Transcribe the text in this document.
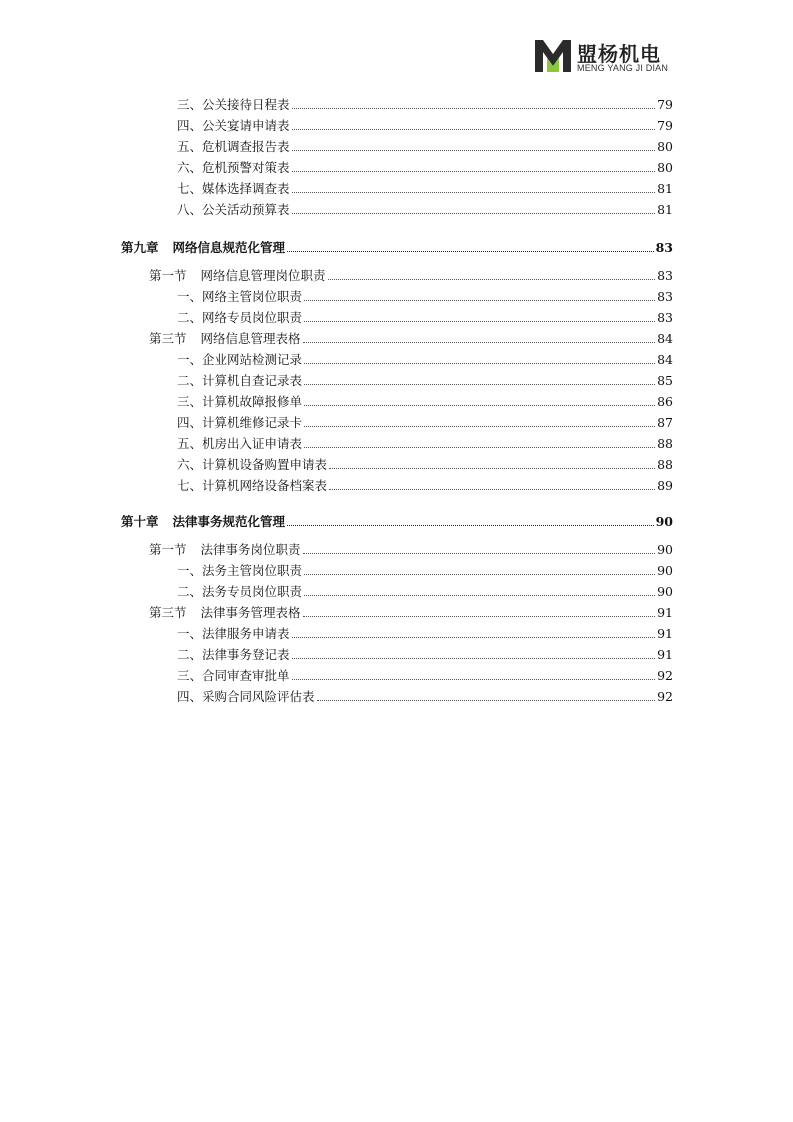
盟杨机电
MENG YANG JI DIAN
三、公关接待日程表	79
四、公关宴请申请表	79
五、危机调查报告表	80
六、危机预警对策表	80
七、媒体选择调查表	81
八、公关活动预算表	81
第九章 网络信息规范化管理	83
第一节 网络信息管理岗位职责	83
一、网络主管岗位职责	83
二、网络专员岗位职责	83
第三节 网络信息管理表格	84
一、企业网站检测记录	84
二、计算机自查记录表	85
三、计算机故障报修单	86
四、计算机维修记录卡	87
五、机房出入证申请表	88
六、计算机设备购置申请表	88
七、计算机网络设备档案表	89
第十章 法律事务规范化管理	90
第一节 法律事务岗位职责	90
一、法务主管岗位职责	90
二、法务专员岗位职责	90
第三节 法律事务管理表格	91
一、法律服务申请表	91
二、法律事务登记表	91
三、合同审查审批单	92
四、采购合同风险评估表	92
